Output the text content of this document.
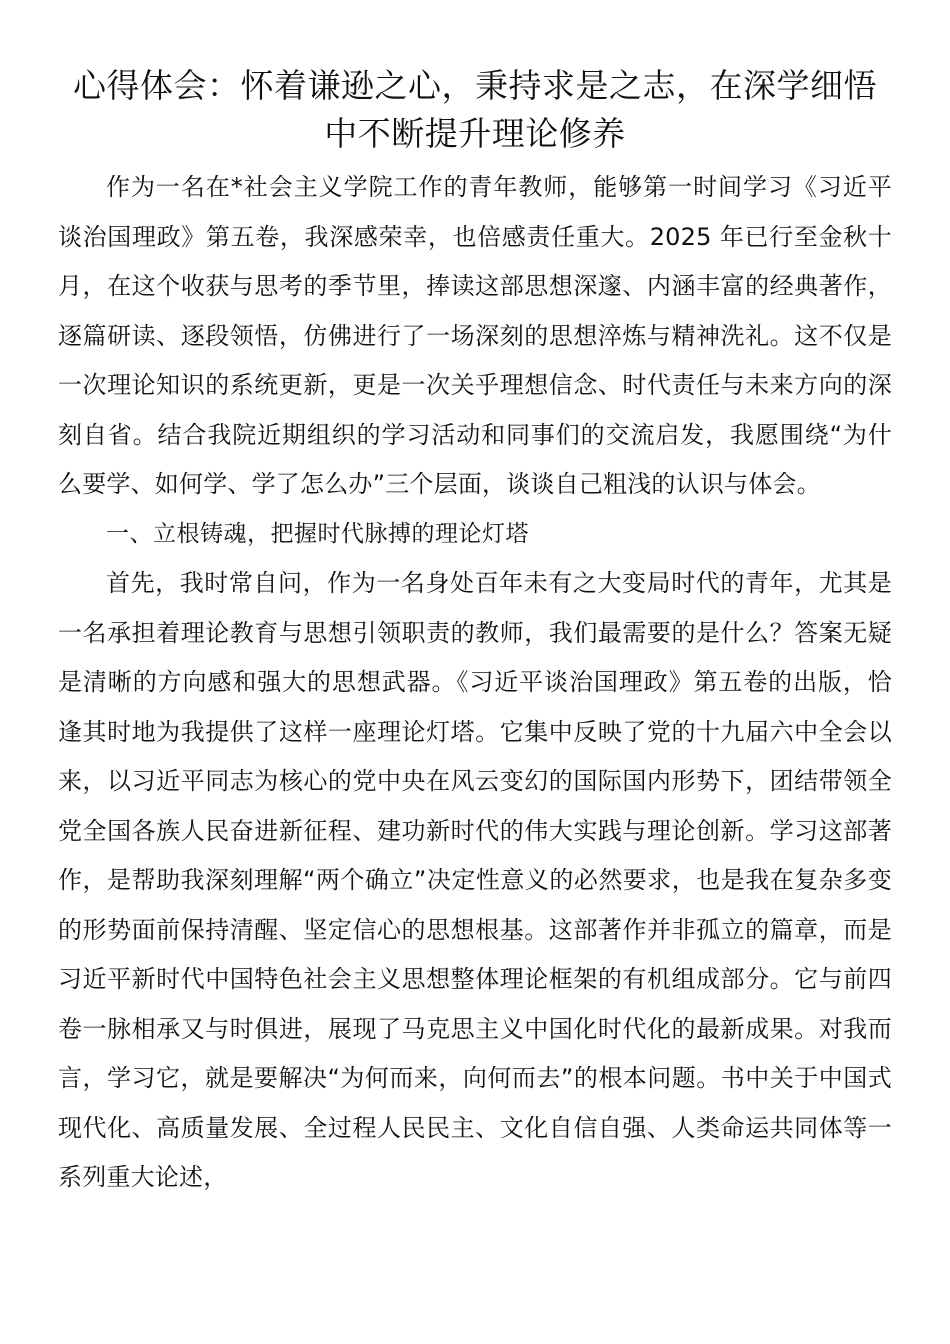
心得体会：怀着谦逊之心，秉持求是之志，在深学细悟中不断提升理论修养

作为一名在*社会主义学院工作的青年教师，能够第一时间学习《习近平谈治国理政》第五卷，我深感荣幸，也倍感责任重大。2025 年已行至金秋十月，在这个收获与思考的季节里，捧读这部思想深邃、内涵丰富的经典著作，逐篇研读、逐段领悟，仿佛进行了一场深刻的思想淬炼与精神洗礼。这不仅是一次理论知识的系统更新，更是一次关乎理想信念、时代责任与未来方向的深刻自省。结合我院近期组织的学习活动和同事们的交流启发，我愿围绕“为什么要学、如何学、学了怎么办”三个层面，谈谈自己粗浅的认识与体会。

一、立根铸魂，把握时代脉搏的理论灯塔

首先，我时常自问，作为一名身处百年未有之大变局时代的青年，尤其是一名承担着理论教育与思想引领职责的教师，我们最需要的是什么？答案无疑是清晰的方向感和强大的思想武器。《习近平谈治国理政》第五卷的出版，恰逢其时地为我提供了这样一座理论灯塔。它集中反映了党的十九届六中全会以来，以习近平同志为核心的党中央在风云变幻的国际国内形势下，团结带领全党全国各族人民奋进新征程、建功新时代的伟大实践与理论创新。学习这部著作，是帮助我深刻理解“两个确立”决定性意义的必然要求，也是我在复杂多变的形势面前保持清醒、坚定信心的思想根基。这部著作并非孤立的篇章，而是习近平新时代中国特色社会主义思想整体理论框架的有机组成部分。它与前四卷一脉相承又与时俱进，展现了马克思主义中国化时代化的最新成果。对我而言，学习它，就是要解决“为何而来，向何而去”的根本问题。书中关于中国式现代化、高质量发展、全过程人民民主、文化自信自强、人类命运共同体等一系列重大论述，
